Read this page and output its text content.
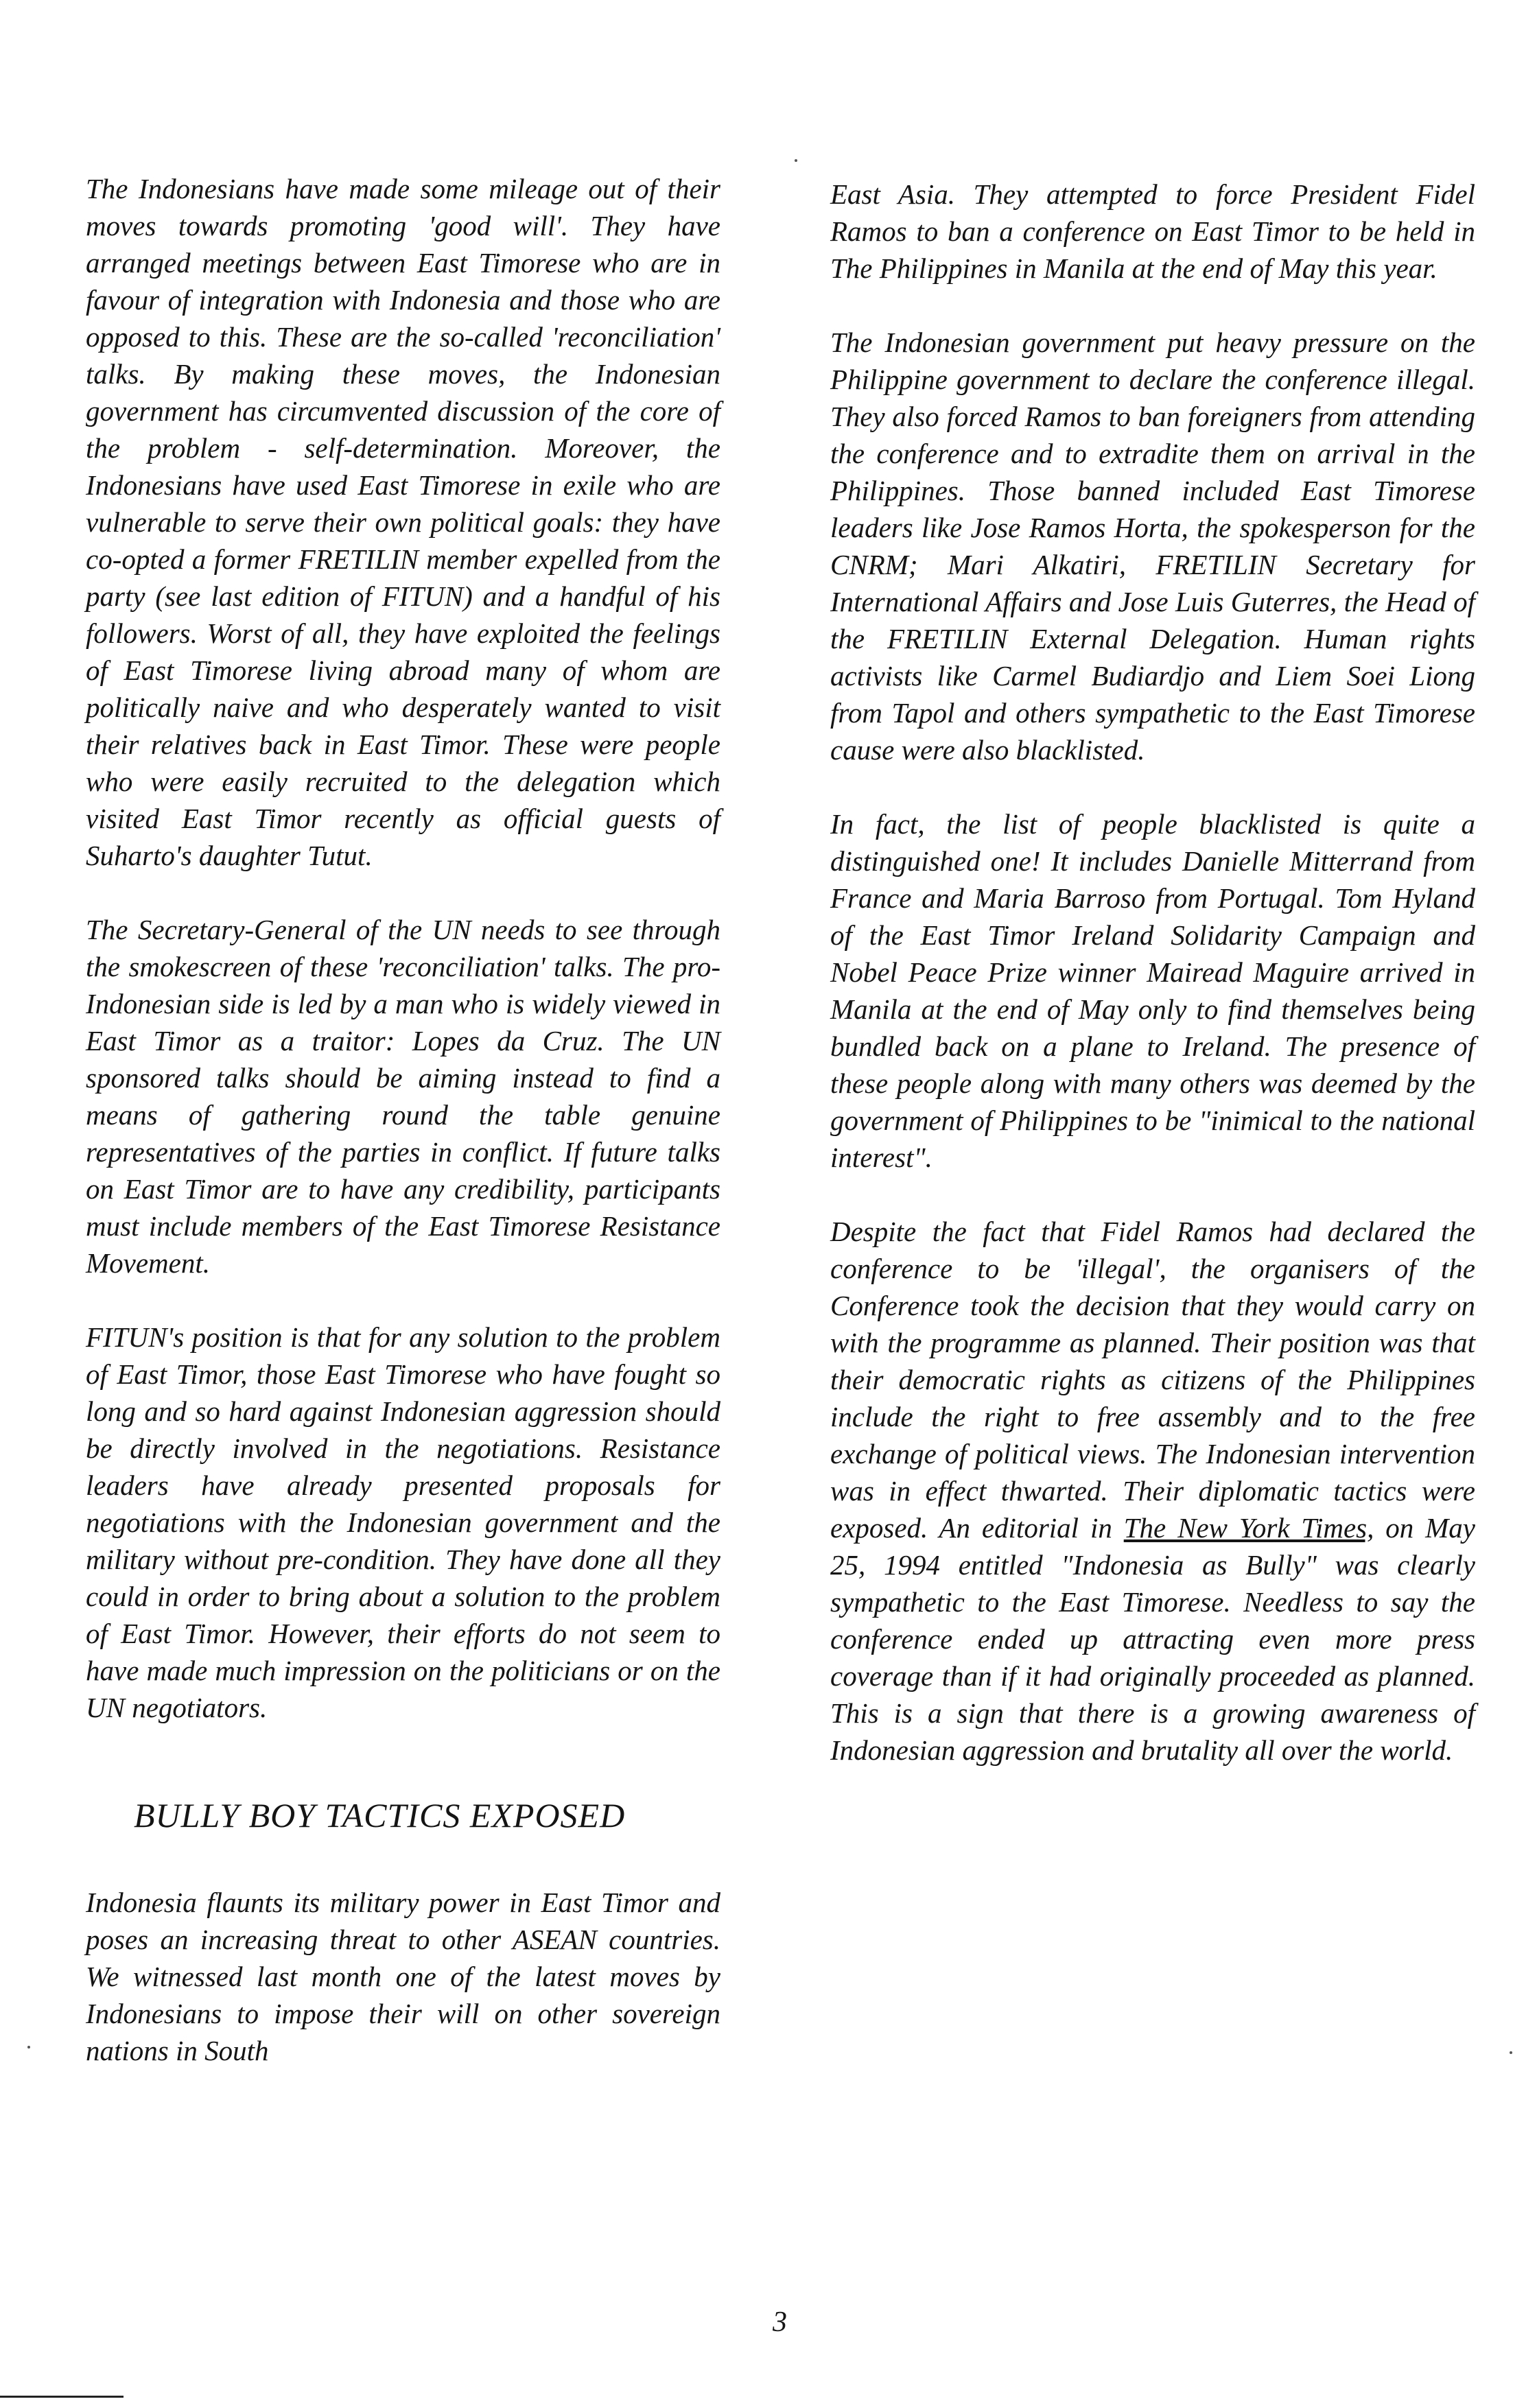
The Indonesians have made some mileage out of their moves towards promoting 'good will'. They have arranged meetings between East Timorese who are in favour of integration with Indonesia and those who are opposed to this. These are the so-called 'reconciliation' talks. By making these moves, the Indonesian government has circumvented discussion of the core of the problem - self-determination. Moreover, the Indonesians have used East Timorese in exile who are vulnerable to serve their own political goals: they have co-opted a former FRETILIN member expelled from the party (see last edition of FITUN) and a handful of his followers. Worst of all, they have exploited the feelings of East Timorese living abroad many of whom are politically naive and who desperately wanted to visit their relatives back in East Timor. These were people who were easily recruited to the delegation which visited East Timor recently as official guests of Suharto's daughter Tutut.

The Secretary-General of the UN needs to see through the smokescreen of these 'reconciliation' talks. The pro-Indonesian side is led by a man who is widely viewed in East Timor as a traitor: Lopes da Cruz. The UN sponsored talks should be aiming instead to find a means of gathering round the table genuine representatives of the parties in conflict. If future talks on East Timor are to have any credibility, participants must include members of the East Timorese Resistance Movement.

FITUN's position is that for any solution to the problem of East Timor, those East Timorese who have fought so long and so hard against Indonesian aggression should be directly involved in the negotiations. Resistance leaders have already presented proposals for negotiations with the Indonesian government and the military without pre-condition. They have done all they could in order to bring about a solution to the problem of East Timor. However, their efforts do not seem to have made much impression on the politicians or on the UN negotiators.

BULLY BOY TACTICS EXPOSED

Indonesia flaunts its military power in East Timor and poses an increasing threat to other ASEAN countries. We witnessed last month one of the latest moves by Indonesians to impose their will on other sovereign nations in South

East Asia. They attempted to force President Fidel Ramos to ban a conference on East Timor to be held in The Philippines in Manila at the end of May this year.

The Indonesian government put heavy pressure on the Philippine government to declare the conference illegal. They also forced Ramos to ban foreigners from attending the conference and to extradite them on arrival in the Philippines. Those banned included East Timorese leaders like Jose Ramos Horta, the spokesperson for the CNRM; Mari Alkatiri, FRETILIN Secretary for International Affairs and Jose Luis Guterres, the Head of the FRETILIN External Delegation. Human rights activists like Carmel Budiardjo and Liem Soei Liong from Tapol and others sympathetic to the East Timorese cause were also blacklisted.

In fact, the list of people blacklisted is quite a distinguished one! It includes Danielle Mitterrand from France and Maria Barroso from Portugal. Tom Hyland of the East Timor Ireland Solidarity Campaign and Nobel Peace Prize winner Mairead Maguire arrived in Manila at the end of May only to find themselves being bundled back on a plane to Ireland. The presence of these people along with many others was deemed by the government of Philippines to be "inimical to the national interest".

Despite the fact that Fidel Ramos had declared the conference to be 'illegal', the organisers of the Conference took the decision that they would carry on with the programme as planned. Their position was that their democratic rights as citizens of the Philippines include the right to free assembly and to the free exchange of political views. The Indonesian intervention was in effect thwarted. Their diplomatic tactics were exposed. An editorial in The New York Times, on May 25, 1994 entitled "Indonesia as Bully" was clearly sympathetic to the East Timorese. Needless to say the conference ended up attracting even more press coverage than if it had originally proceeded as planned. This is a sign that there is a growing awareness of Indonesian aggression and brutality all over the world.

3
